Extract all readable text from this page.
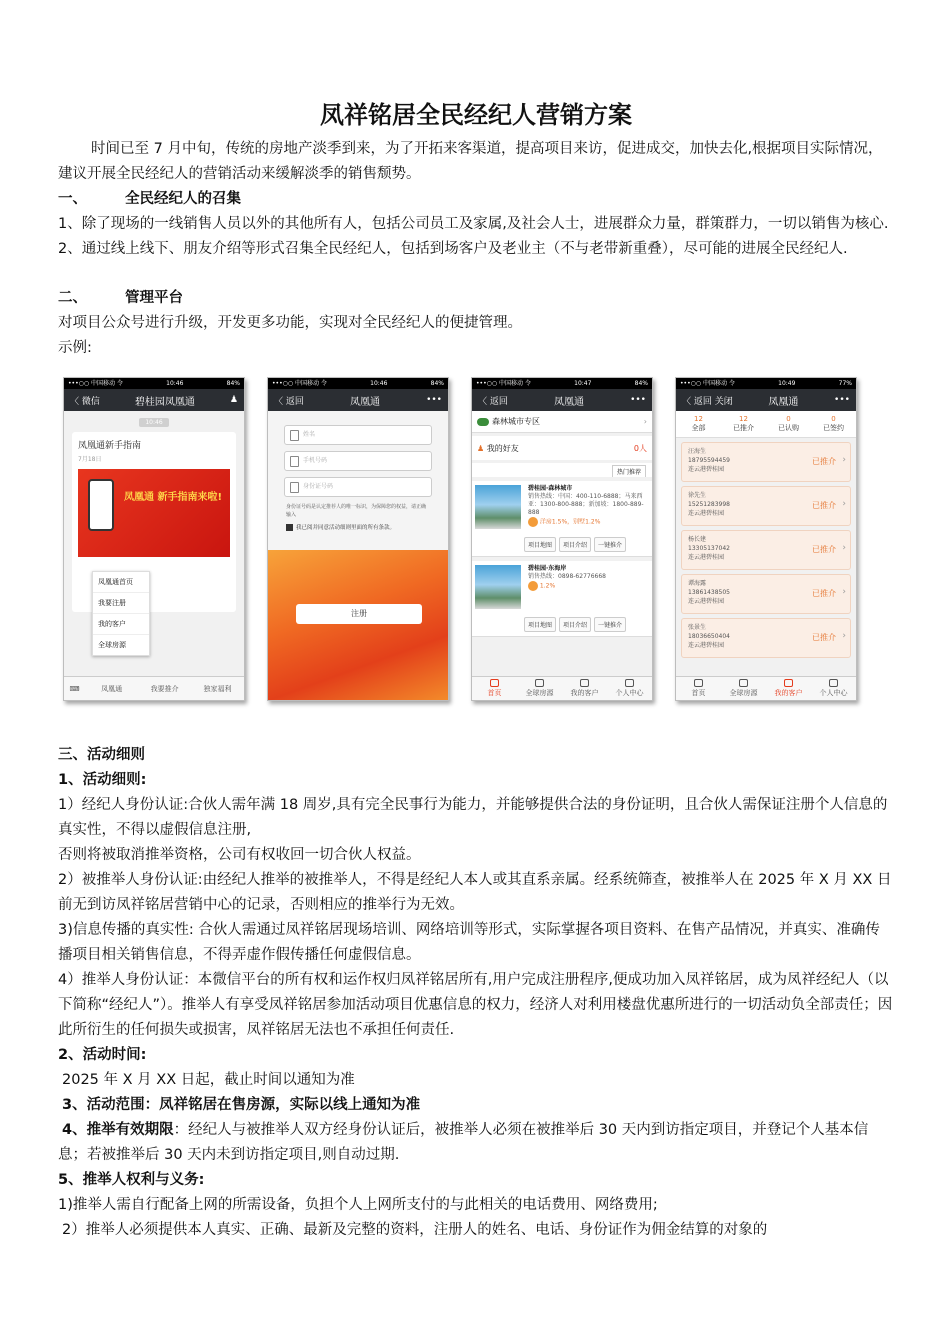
凤祥铭居全民经纪人营销方案
时间已至 7 月中旬，传统的房地产淡季到来，为了开拓来客渠道，提高项目来访，促进成交，加快去化,根据项目实际情况，建议开展全民经纪人的营销活动来缓解淡季的销售颓势。
一、	全民经纪人的召集
1、除了现场的一线销售人员以外的其他所有人，包括公司员工及家属,及社会人士，进展群众力量，群策群力，一切以销售为核心.
2、通过线上线下、朋友介绍等形式召集全民经纪人，包括到场客户及老业主（不与老带新重叠），尽可能的进展全民经纪人.
二、	管理平台
对项目公众号进行升级，开发更多功能，实现对全民经纪人的便捷管理。
示例:
•••○○ 中国移动 令	10:46	84%
〈 微信	碧桂园凤凰通	♟
10:46
凤凰通新手指南
7月18日
凤凰通 新手指南来啦!
凤凰通首页
我要注册
我的客户
全球房源
⌨	凤凰通	我要推介	独家福利
•••○○ 中国移动 令	10:46	84%
〈 返回	凤凰通	•••
姓名
手机号码
身份证号码
身份证号码是认定推荐人的唯一标识，为保障您的权益，请正确输入
我已阅并同意活动细则里面的所有条款。
注册
•••○○ 中国移动 令	10:47	84%
〈 返回	凤凰通	•••
森林城市专区	›
♟ 我的好友	0人
热门推荐
碧桂园·森林城市
销售热线：中国：400-110-6888；马来西亚：1300-800-888；新加坡：1800-889-888
洋房1.5%，别墅1.2%
项目地图 项目介绍 一键推介
碧桂园·东海岸
销售热线：0898-62776668
1.2%
项目地图 项目介绍 一键推介
首页	全球房源 我的客户 个人中心
•••○○ 中国移动 令	10:49	77%
〈 返回 关闭	凤凰通	•••
12
全部
12
已推介
0
已认购
0
已签约
汪海生
18795594459
连云港碧桂园
已推介 ›
徐先生
15251283998
连云港碧桂园
已推介 ›
杨长建
13305137042
连云港碧桂园
已推介 ›
谭海露
13861438505
连云港碧桂园
已推介 ›
张景生
18036650404
连云港碧桂园
已推介 ›
首页	全球房源 我的客户 个人中心
三、活动细则
1、活动细则:
1）经纪人身份认证:合伙人需年满 18 周岁,具有完全民事行为能力，并能够提供合法的身份证明，且合伙人需保证注册个人信息的真实性，不得以虚假信息注册,
否则将被取消推举资格，公司有权收回一切合伙人权益。
2）被推举人身份认证:由经纪人推举的被推举人，不得是经纪人本人或其直系亲属。经系统筛查，被推举人在 2025 年 X 月 XX 日前无到访凤祥铭居营销中心的记录，否则相应的推举行为无效。
3)信息传播的真实性: 合伙人需通过凤祥铭居现场培训、网络培训等形式，实际掌握各项目资料、在售产品情况，并真实、准确传播项目相关销售信息，不得弄虚作假传播任何虚假信息。
4）推举人身份认证：本微信平台的所有权和运作权归凤祥铭居所有,用户完成注册程序,便成功加入凤祥铭居，成为凤祥经纪人（以下简称“经纪人”）。推举人有享受凤祥铭居参加活动项目优惠信息的权力，经济人对利用楼盘优惠所进行的一切活动负全部责任；因此所衍生的任何损失或损害，凤祥铭居无法也不承担任何责任.
2、活动时间:
2025 年 X 月 XX 日起，截止时间以通知为准
3、活动范围：凤祥铭居在售房源，实际以线上通知为准
4、推举有效期限：经纪人与被推举人双方经身份认证后，被推举人必须在被推举后 30 天内到访指定项目，并登记个人基本信息；若被推举后 30 天内未到访指定项目,则自动过期.
5、推举人权利与义务:
1)推举人需自行配备上网的所需设备，负担个人上网所支付的与此相关的电话费用、网络费用;
2）推举人必须提供本人真实、正确、最新及完整的资料，注册人的姓名、电话、身份证作为佣金结算的对象的
